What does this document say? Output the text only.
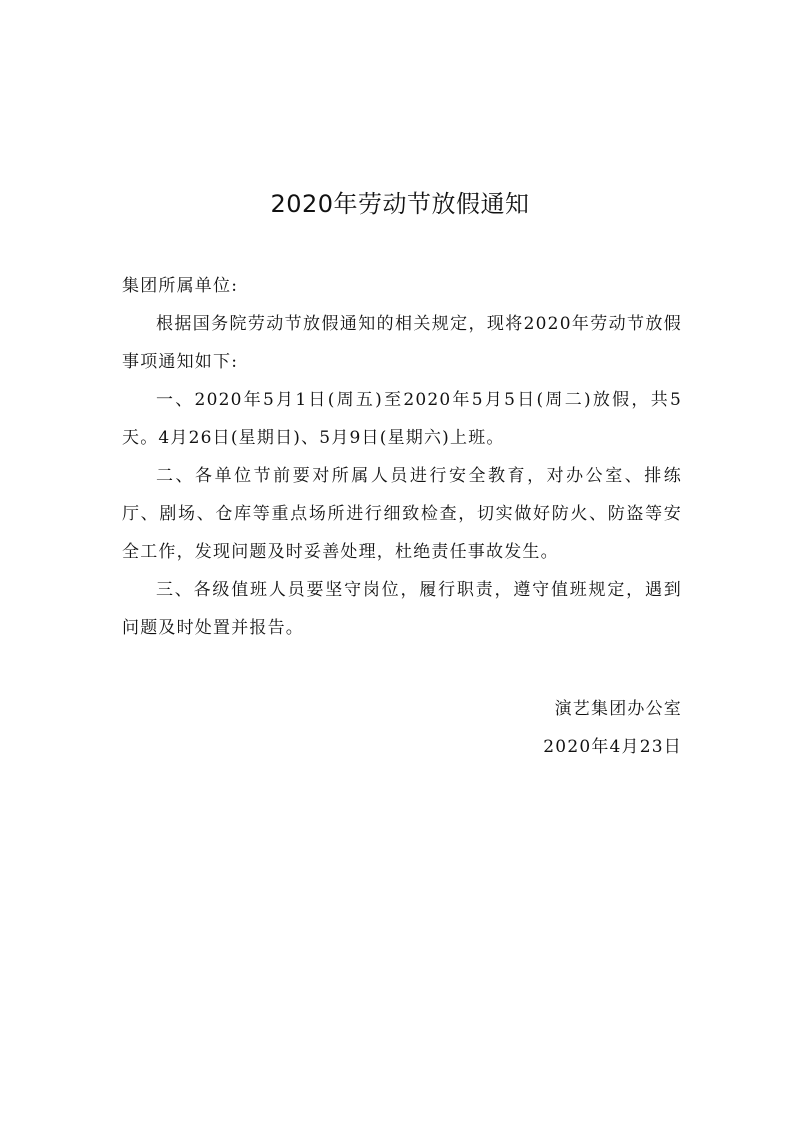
2020年劳动节放假通知

集团所属单位:

根据国务院劳动节放假通知的相关规定，现将2020年劳动节放假事项通知如下:

一、2020年5月1日(周五)至2020年5月5日(周二)放假，共5天。4月26日(星期日)、5月9日(星期六)上班。

二、各单位节前要对所属人员进行安全教育，对办公室、排练厅、剧场、仓库等重点场所进行细致检查，切实做好防火、防盗等安全工作，发现问题及时妥善处理，杜绝责任事故发生。

三、各级值班人员要坚守岗位，履行职责，遵守值班规定，遇到问题及时处置并报告。

演艺集团办公室
2020年4月23日
